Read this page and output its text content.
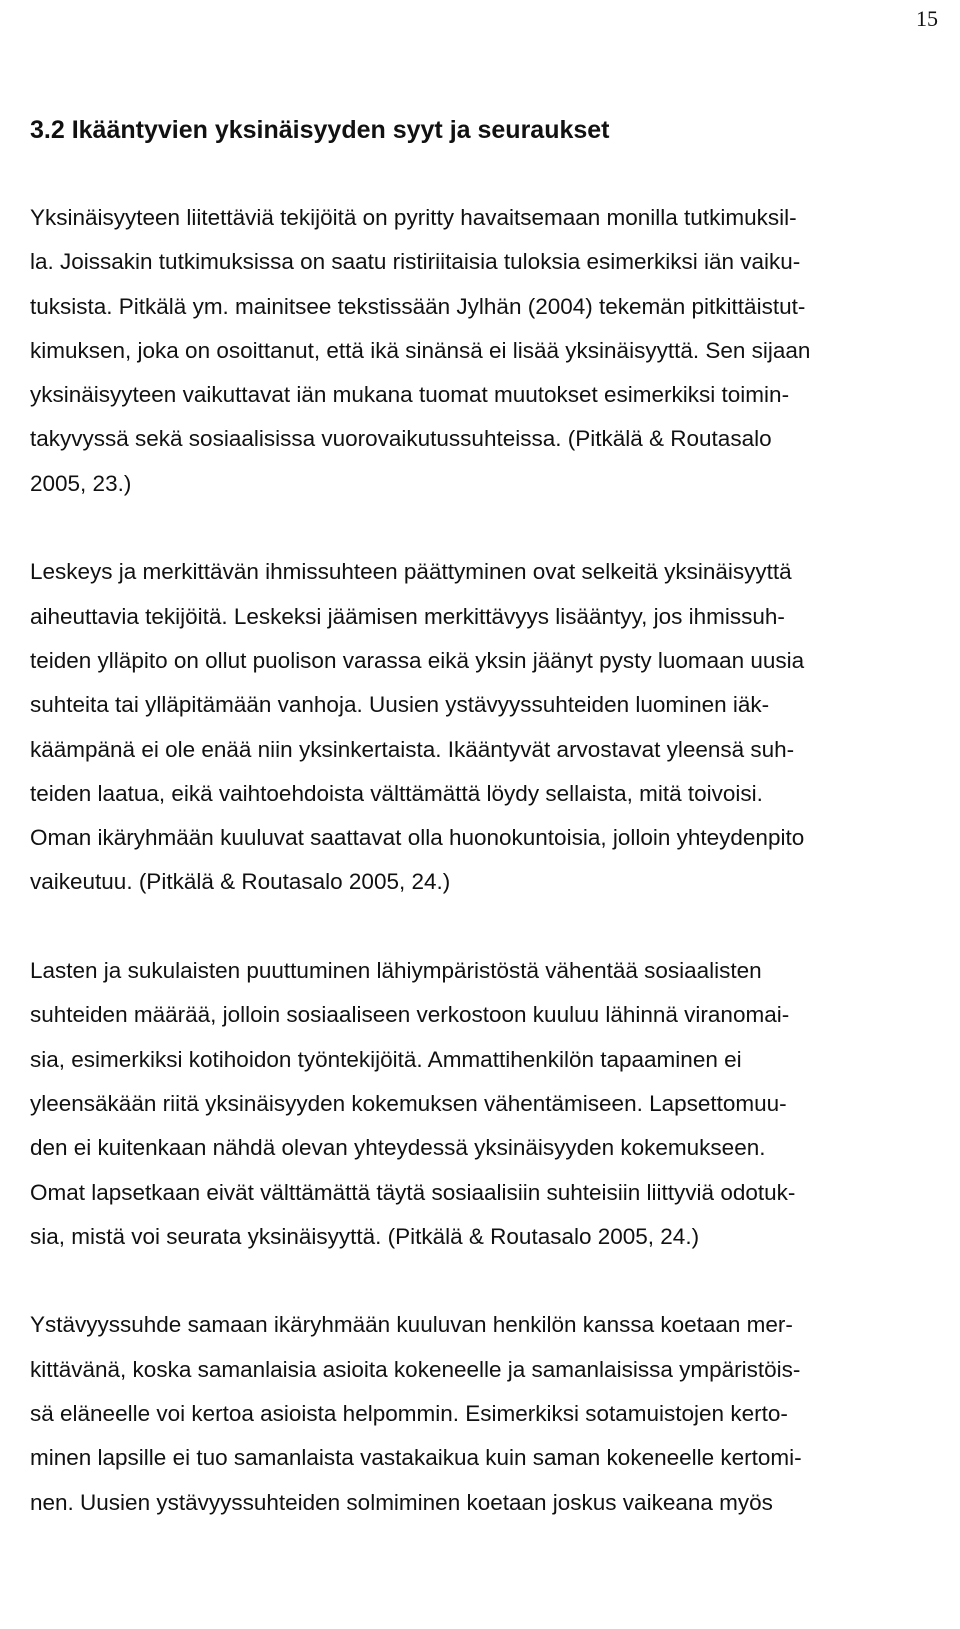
15
3.2 Ikääntyvien yksinäisyyden syyt ja seuraukset

Yksinäisyyteen liitettäviä tekijöitä on pyritty havaitsemaan monilla tutkimuksil-
la. Joissakin tutkimuksissa on saatu ristiriitaisia tuloksia esimerkiksi iän vaiku-
tuksista. Pitkälä ym. mainitsee tekstissään Jylhän (2004) tekemän pitkittäistut-
kimuksen, joka on osoittanut, että ikä sinänsä ei lisää yksinäisyyttä. Sen sijaan
yksinäisyyteen vaikuttavat iän mukana tuomat muutokset esimerkiksi toimin-
takyvyssä sekä sosiaalisissa vuorovaikutussuhteissa. (Pitkälä & Routasalo
2005, 23.)

Leskeys ja merkittävän ihmissuhteen päättyminen ovat selkeitä yksinäisyyttä
aiheuttavia tekijöitä. Leskeksi jäämisen merkittävyys lisääntyy, jos ihmissuh-
teiden ylläpito on ollut puolison varassa eikä yksin jäänyt pysty luomaan uusia
suhteita tai ylläpitämään vanhoja. Uusien ystävyyssuhteiden luominen iäk-
käämpänä ei ole enää niin yksinkertaista. Ikääntyvät arvostavat yleensä suh-
teiden laatua, eikä vaihtoehdoista välttämättä löydy sellaista, mitä toivoisi.
Oman ikäryhmään kuuluvat saattavat olla huonokuntoisia, jolloin yhteydenpito
vaikeutuu. (Pitkälä & Routasalo 2005, 24.)

Lasten ja sukulaisten puuttuminen lähiympäristöstä vähentää sosiaalisten
suhteiden määrää, jolloin sosiaaliseen verkostoon kuuluu lähinnä viranomai-
sia, esimerkiksi kotihoidon työntekijöitä. Ammattihenkilön tapaaminen ei
yleensäkään riitä yksinäisyyden kokemuksen vähentämiseen. Lapsettomuu-
den ei kuitenkaan nähdä olevan yhteydessä yksinäisyyden kokemukseen.
Omat lapsetkaan eivät välttämättä täytä sosiaalisiin suhteisiin liittyviä odotuk-
sia, mistä voi seurata yksinäisyyttä. (Pitkälä & Routasalo 2005, 24.)

Ystävyyssuhde samaan ikäryhmään kuuluvan henkilön kanssa koetaan mer-
kittävänä, koska samanlaisia asioita kokeneelle ja samanlaisissa ympäristöis-
sä eläneelle voi kertoa asioista helpommin. Esimerkiksi sotamuistojen kerto-
minen lapsille ei tuo samanlaista vastakaikua kuin saman kokeneelle kertomi-
nen. Uusien ystävyyssuhteiden solmiminen koetaan joskus vaikeana myös
